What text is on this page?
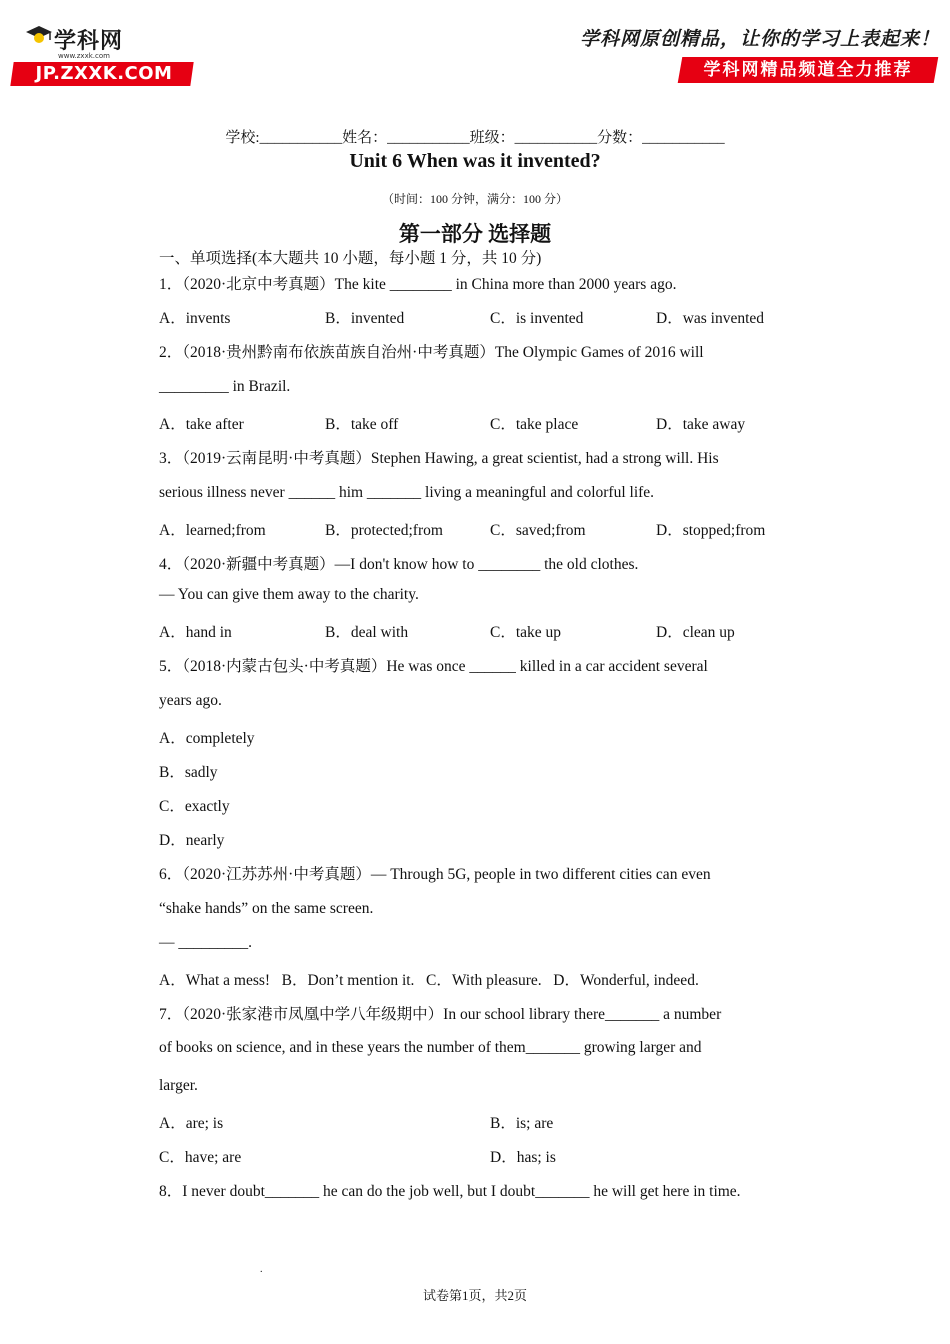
学科网
www.zxxk.com
JP.ZXXK.COM
学科网原创精品，让你的学习上表起来！
学科网精品频道全力推荐
学校:___________姓名：___________班级：___________分数：___________
Unit 6 When was it invented?
（时间：100 分钟，满分：100 分）
第一部分 选择题
一、单项选择(本大题共 10 小题，每小题 1 分，共 10 分)
1．（2020·北京中考真题）The kite ________ in China more than 2000 years ago.
A．invents	B．invented	C．is invented	D．was invented
2．（2018·贵州黔南布依族苗族自治州·中考真题）The Olympic Games of 2016 will
_________ in Brazil.
A．take after	B．take off	C．take place	D．take away
3．（2019·云南昆明·中考真题）Stephen Hawing, a great scientist, had a strong will. His
serious illness never ______ him _______ living a meaningful and colorful life.
A．learned;from	B．protected;from	C．saved;from	D．stopped;from
4．（2020·新疆中考真题）—I don't know how to ________ the old clothes.
— You can give them away to the charity.
A．hand in	B．deal with	C．take up	D．clean up
5．（2018·内蒙古包头·中考真题）He was once ______ killed in a car accident several
years ago.
A．completely
B．sadly
C．exactly
D．nearly
6．（2020·江苏苏州·中考真题）— Through 5G, people in two different cities can even
“shake hands” on the same screen.
— _________.
A．What a mess!   B．Don’t mention it.   C．With pleasure.   D．Wonderful, indeed.
7．（2020·张家港市凤凰中学八年级期中）In our school library there_______ a number
of books on science, and in these years the number of them_______ growing larger and
larger.
A．are; is	B．is; are
C．have; are	D．has; is
8．I never doubt_______ he can do the job well, but I doubt_______ he will get here in time.
.
试卷第1页，共2页
